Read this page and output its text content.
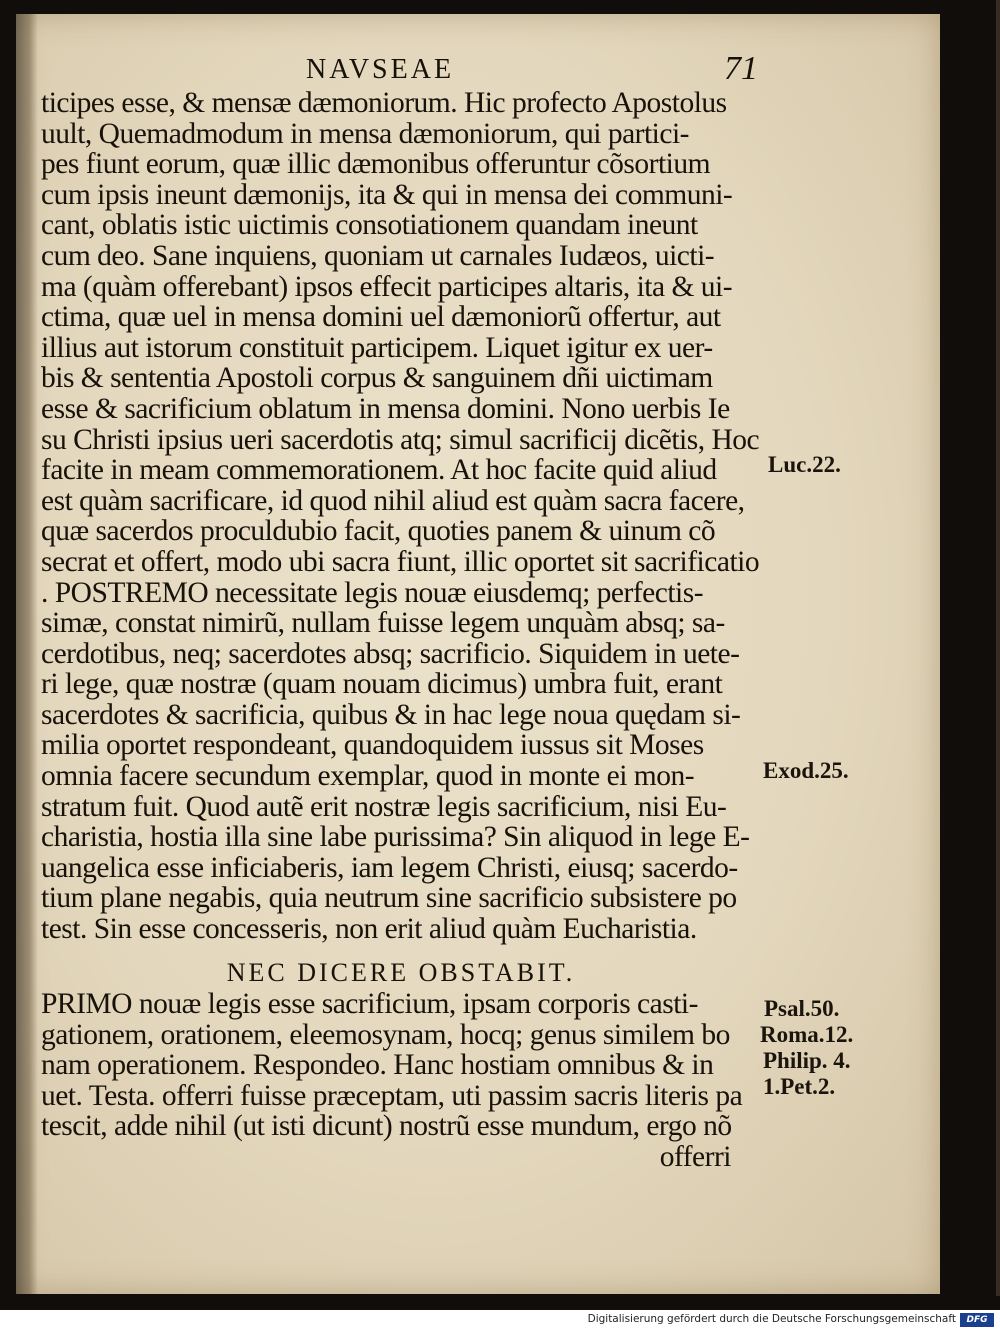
NAVSEAE	71
ticipes esse, & mensæ dæmoniorum. Hic profecto Apostolus
uult, Quemadmodum in mensa dæmoniorum, qui partici-
pes fiunt eorum, quæ illic dæmonibus offeruntur cõsortium
cum ipsis ineunt dæmonijs, ita & qui in mensa dei communi-
cant, oblatis istic uictimis consotiationem quandam ineunt
cum deo. Sane inquiens, quoniam ut carnales Iudæos, uicti-
ma (quàm offerebant) ipsos effecit participes altaris, ita & ui-
ctima, quæ uel in mensa domini uel dæmoniorũ offertur, aut
illius aut istorum constituit participem. Liquet igitur ex uer-
bis & sententia Apostoli corpus & sanguinem dñi uictimam
esse & sacrificium oblatum in mensa domini. Nono uerbis Ie
su Christi ipsius ueri sacerdotis atq; simul sacrificij dicẽtis, Hoc
facite in meam commemorationem. At hoc facite quid aliud
est quàm sacrificare, id quod nihil aliud est quàm sacra facere,
quæ sacerdos proculdubio facit, quoties panem & uinum cõ
secrat et offert, modo ubi sacra fiunt, illic oportet sit sacrificatio
. POSTREMO necessitate legis nouæ eiusdemq; perfectis-
simæ, constat nimirũ, nullam fuisse legem unquàm absq; sa-
cerdotibus, neq; sacerdotes absq; sacrificio. Siquidem in uete-
ri lege, quæ nostræ (quam nouam dicimus) umbra fuit, erant
sacerdotes & sacrificia, quibus & in hac lege noua quędam si-
milia oportet respondeant, quandoquidem iussus sit Moses
omnia facere secundum exemplar, quod in monte ei mon-
stratum fuit. Quod autẽ erit nostræ legis sacrificium, nisi Eu-
charistia, hostia illa sine labe purissima? Sin aliquod in lege E-
uangelica esse inficiaberis, iam legem Christi, eiusq; sacerdo-
tium plane negabis, quia neutrum sine sacrificio subsistere po
test. Sin esse concesseris, non erit aliud quàm Eucharistia.
NEC DICERE OBSTABIT.
PRIMO nouæ legis esse sacrificium, ipsam corporis casti-
gationem, orationem, eleemosynam, hocq; genus similem bo
nam operationem. Respondeo. Hanc hostiam omnibus & in
uet. Testa. offerri fuisse præceptam, uti passim sacris literis pa
tescit, adde nihil (ut isti dicunt) nostrũ esse mundum, ergo nõ
offerri
Luc.22.
Exod.25.
Psal.50.
Roma.12.
Philip. 4.
1.Pet.2.
Digitalisierung gefördert durch die Deutsche Forschungsgemeinschaft	DFG
